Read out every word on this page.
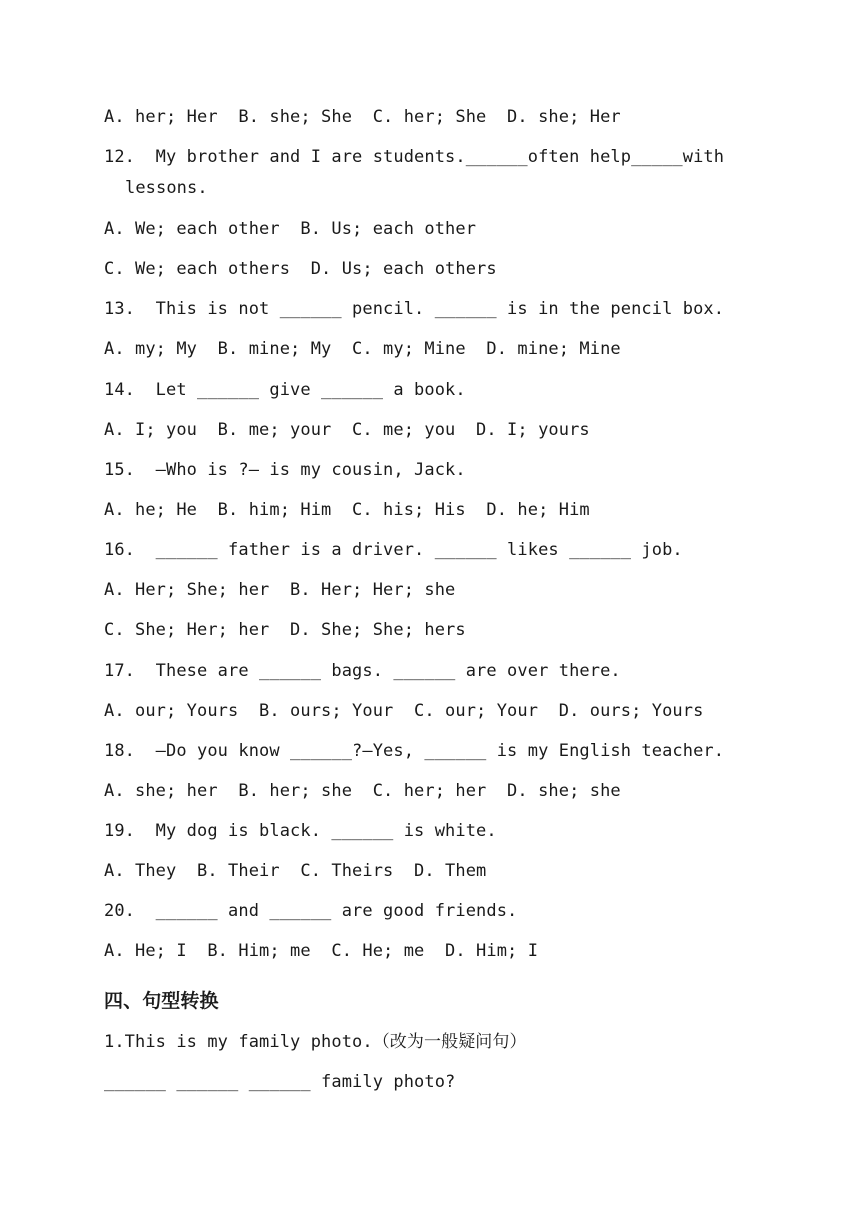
A. her; Her  B. she; She  C. her; She  D. she; Her
12.  My brother and I are students.______often help_____with
lessons.
A. We; each other  B. Us; each other
C. We; each others  D. Us; each others
13.  This is not ______ pencil. ______ is in the pencil box.
A. my; My  B. mine; My  C. my; Mine  D. mine; Mine
14.  Let ______ give ______ a book.
A. I; you  B. me; your  C. me; you  D. I; yours
15.  —Who is ?— is my cousin, Jack.
A. he; He  B. him; Him  C. his; His  D. he; Him
16.  ______ father is a driver. ______ likes ______ job.
A. Her; She; her  B. Her; Her; she
C. She; Her; her  D. She; She; hers
17.  These are ______ bags. ______ are over there.
A. our; Yours  B. ours; Your  C. our; Your  D. ours; Yours
18.  —Do you know ______?—Yes, ______ is my English teacher.
A. she; her  B. her; she  C. her; her  D. she; she
19.  My dog is black. ______ is white.
A. They  B. Their  C. Theirs  D. Them
20.  ______ and ______ are good friends.
A. He; I  B. Him; me  C. He; me  D. Him; I
四、句型转换
1.This is my family photo.（改为一般疑问句）
______ ______ ______ family photo?
